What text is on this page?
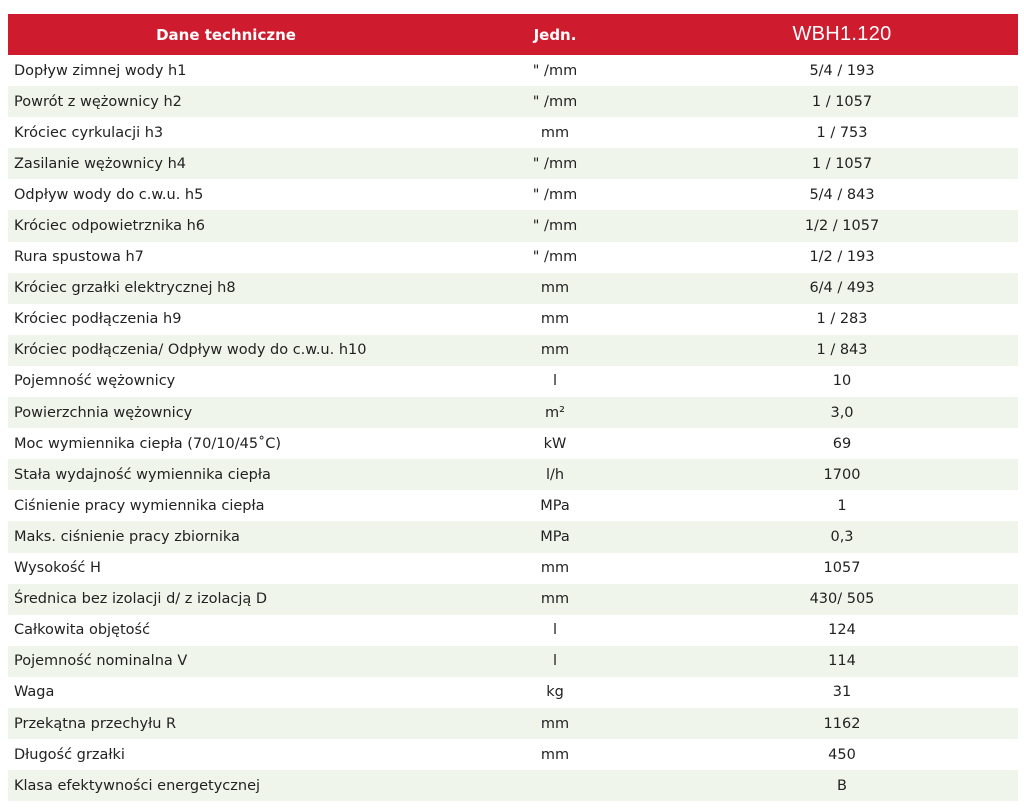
Dane techniczne	Jedn.	WBH1.120
Dopływ zimnej wody h1	" /mm	5/4 / 193
Powrót z wężownicy h2	" /mm	1 / 1057
Króciec cyrkulacji h3	mm	1 / 753
Zasilanie wężownicy h4	" /mm	1 / 1057
Odpływ wody do c.w.u. h5	" /mm	5/4 / 843
Króciec odpowietrznika h6	" /mm	1/2 / 1057
Rura spustowa h7	" /mm	1/2 / 193
Króciec grzałki elektrycznej h8	mm	6/4 / 493
Króciec podłączenia h9	mm	1 / 283
Króciec podłączenia/ Odpływ wody do c.w.u. h10	mm	1 / 843
Pojemność wężownicy	l	10
Powierzchnia wężownicy	m²	3,0
Moc wymiennika ciepła (70/10/45˚C)	kW	69
Stała wydajność wymiennika ciepła	l/h	1700
Ciśnienie pracy wymiennika ciepła	MPa	1
Maks. ciśnienie pracy zbiornika	MPa	0,3
Wysokość H	mm	1057
Średnica bez izolacji d/ z izolacją D	mm	430/ 505
Całkowita objętość	l	124
Pojemność nominalna V	l	114
Waga	kg	31
Przekątna przechyłu R	mm	1162
Długość grzałki	mm	450
Klasa efektywności energetycznej		B
